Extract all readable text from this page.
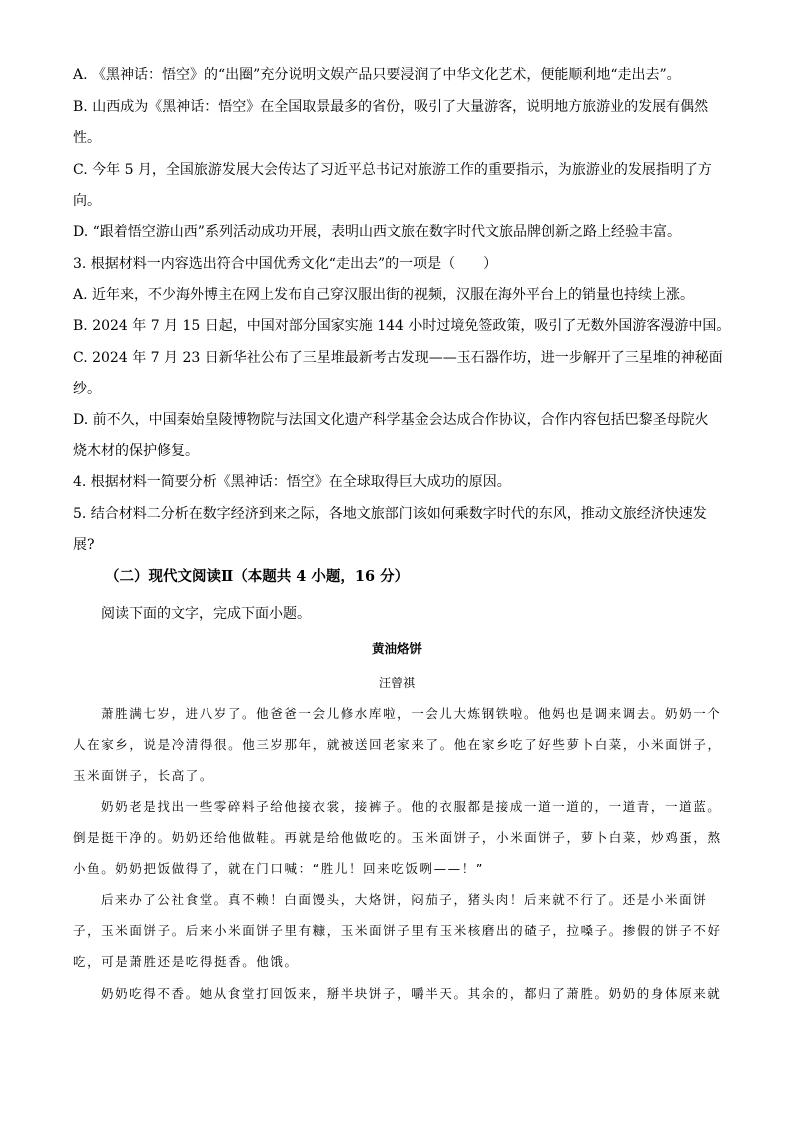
A. 《黑神话：悟空》的“出圈”充分说明文娱产品只要浸润了中华文化艺术，便能顺利地“走出去”。
B. 山西成为《黑神话：悟空》在全国取景最多的省份，吸引了大量游客，说明地方旅游业的发展有偶然
性。
C. 今年 5 月，全国旅游发展大会传达了习近平总书记对旅游工作的重要指示，为旅游业的发展指明了方
向。
D. “跟着悟空游山西”系列活动成功开展，表明山西文旅在数字时代文旅品牌创新之路上经验丰富。
3. 根据材料一内容选出符合中国优秀文化“走出去”的一项是（　　）
A. 近年来，不少海外博主在网上发布自己穿汉服出街的视频，汉服在海外平台上的销量也持续上涨。
B. 2024 年 7 月 15 日起，中国对部分国家实施 144 小时过境免签政策，吸引了无数外国游客漫游中国。
C. 2024 年 7 月 23 日新华社公布了三星堆最新考古发现——玉石器作坊，进一步解开了三星堆的神秘面
纱。
D. 前不久，中国秦始皇陵博物院与法国文化遗产科学基金会达成合作协议，合作内容包括巴黎圣母院火
烧木材的保护修复。
4. 根据材料一简要分析《黑神话：悟空》在全球取得巨大成功的原因。
5. 结合材料二分析在数字经济到来之际，各地文旅部门该如何乘数字时代的东风，推动文旅经济快速发
展?
（二）现代文阅读Ⅱ（本题共 4 小题，16 分）
阅读下面的文字，完成下面小题。
黄油烙饼
汪曾祺
萧胜满七岁，进八岁了。他爸爸一会儿修水库啦，一会儿大炼钢铁啦。他妈也是调来调去。奶奶一个
人在家乡，说是冷清得很。他三岁那年，就被送回老家来了。他在家乡吃了好些萝卜白菜，小米面饼子，
玉米面饼子，长高了。
奶奶老是找出一些零碎料子给他接衣裳，接裤子。他的衣服都是接成一道一道的，一道青，一道蓝。
倒是挺干净的。奶奶还给他做鞋。再就是给他做吃的。玉米面饼子，小米面饼子，萝卜白菜，炒鸡蛋，熬
小鱼。奶奶把饭做得了，就在门口喊：“胜儿！回来吃饭咧——！”
后来办了公社食堂。真不赖！白面馒头，大烙饼，闷茄子，猪头肉！后来就不行了。还是小米面饼
子，玉米面饼子。后来小米面饼子里有糠，玉米面饼子里有玉米核磨出的碴子，拉嗓子。掺假的饼子不好
吃，可是萧胜还是吃得挺香。他饿。
奶奶吃得不香。她从食堂打回饭来，掰半块饼子，嚼半天。其余的，都归了萧胜。奶奶的身体原来就
